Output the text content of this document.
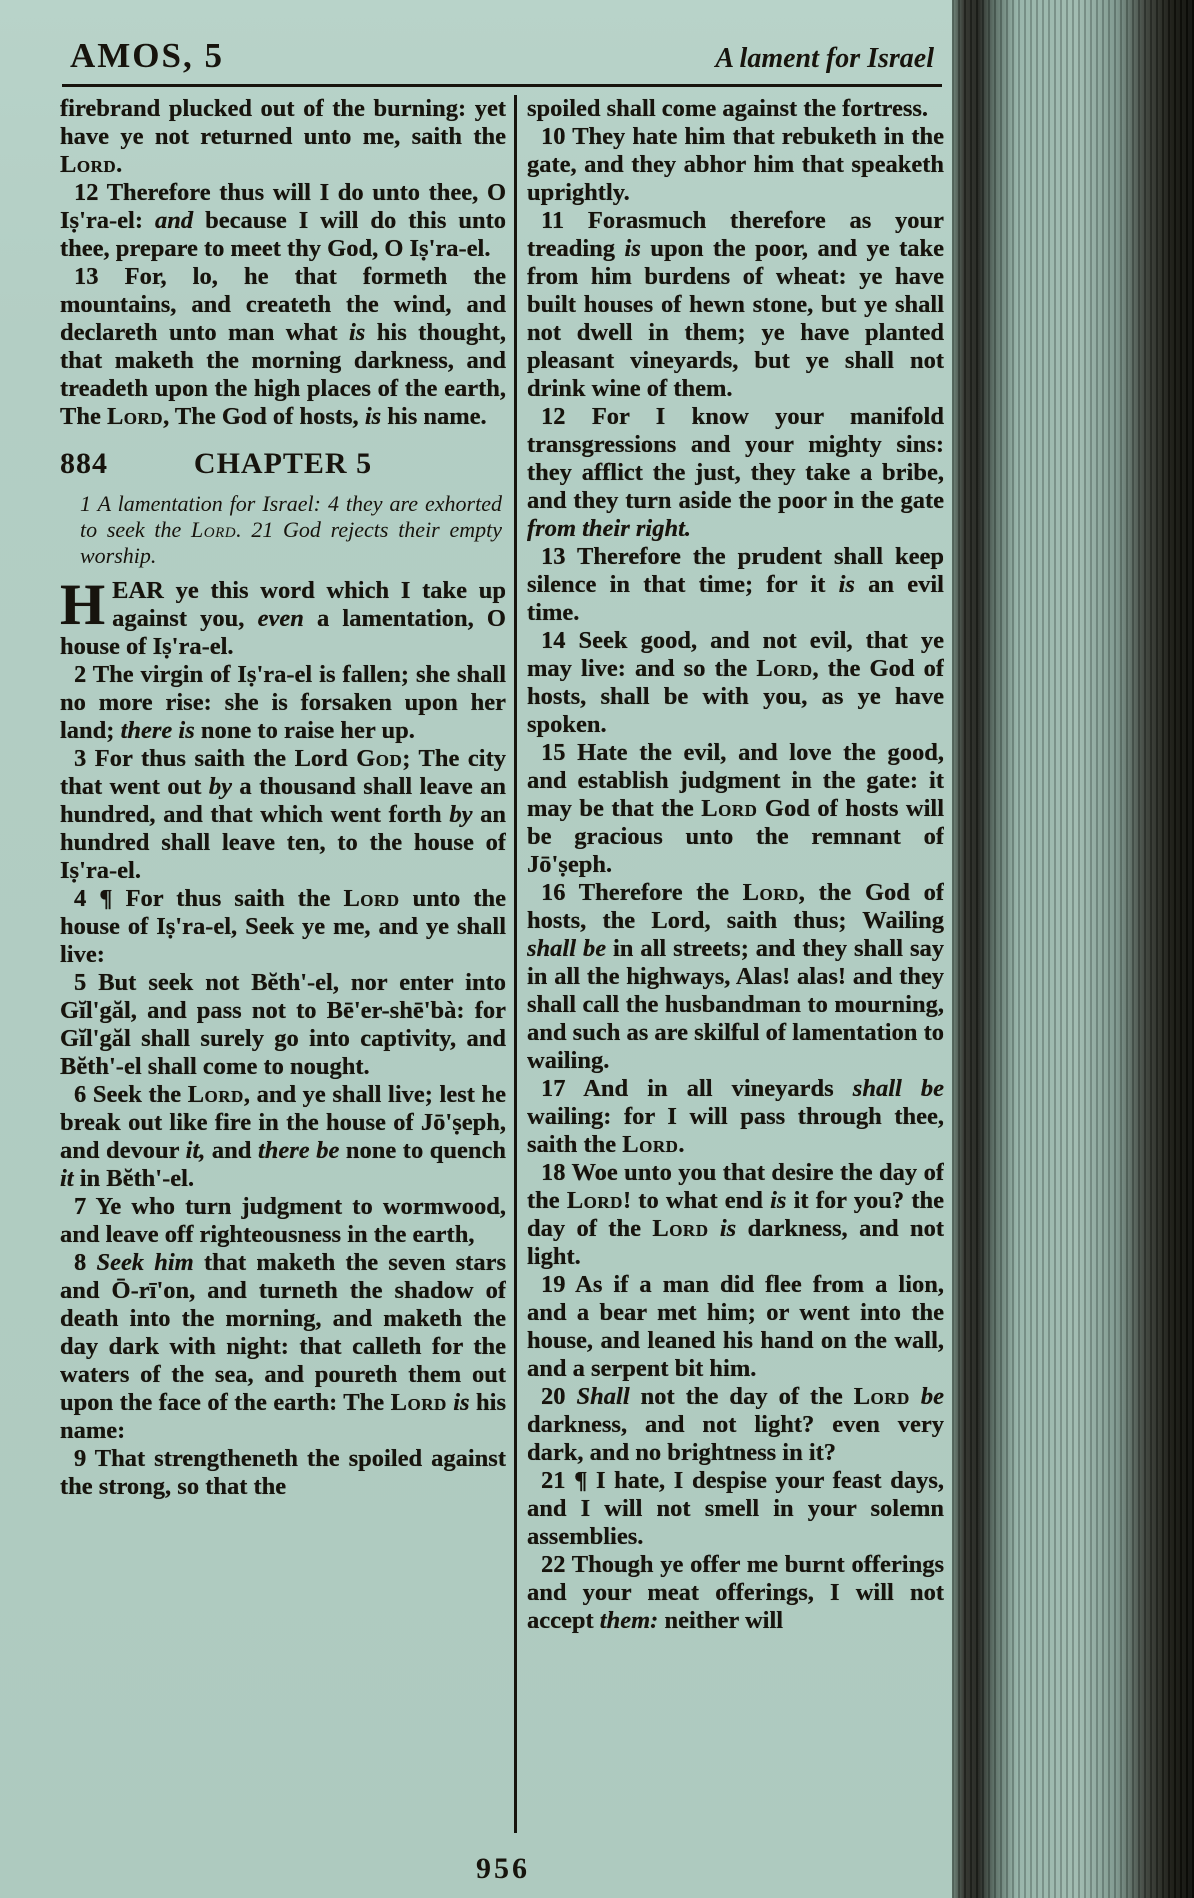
AMOS, 5	A lament for Israel

firebrand plucked out of the burning: yet have ye not returned unto me, saith the Lord.

12 Therefore thus will I do unto thee, O Iṣ'ra-el: and because I will do this unto thee, prepare to meet thy God, O Iṣ'ra-el.

13 For, lo, he that formeth the mountains, and createth the wind, and declareth unto man what is his thought, that maketh the morning darkness, and treadeth upon the high places of the earth, The Lord, The God of hosts, is his name.

884	CHAPTER 5

1 A lamentation for Israel: 4 they are exhorted to seek the Lord. 21 God rejects their empty worship.

HEAR ye this word which I take up against you, even a lamentation, O house of Iṣ'ra-el.

2 The virgin of Iṣ'ra-el is fallen; she shall no more rise: she is forsaken upon her land; there is none to raise her up.

3 For thus saith the Lord God; The city that went out by a thousand shall leave an hundred, and that which went forth by an hundred shall leave ten, to the house of Iṣ'ra-el.

4 ¶ For thus saith the Lord unto the house of Iṣ'ra-el, Seek ye me, and ye shall live:

5 But seek not Bĕth'-el, nor enter into Gĭl'găl, and pass not to Bē'er-shē'bà: for Gĭl'găl shall surely go into captivity, and Bĕth'-el shall come to nought.

6 Seek the Lord, and ye shall live; lest he break out like fire in the house of Jō'ṣeph, and devour it, and there be none to quench it in Bĕth'-el.

7 Ye who turn judgment to wormwood, and leave off righteousness in the earth,

8 Seek him that maketh the seven stars and Ō-rī'on, and turneth the shadow of death into the morning, and maketh the day dark with night: that calleth for the waters of the sea, and poureth them out upon the face of the earth: The Lord is his name:

9 That strengtheneth the spoiled against the strong, so that the

spoiled shall come against the fortress.

10 They hate him that rebuketh in the gate, and they abhor him that speaketh uprightly.

11 Forasmuch therefore as your treading is upon the poor, and ye take from him burdens of wheat: ye have built houses of hewn stone, but ye shall not dwell in them; ye have planted pleasant vineyards, but ye shall not drink wine of them.

12 For I know your manifold transgressions and your mighty sins: they afflict the just, they take a bribe, and they turn aside the poor in the gate from their right.

13 Therefore the prudent shall keep silence in that time; for it is an evil time.

14 Seek good, and not evil, that ye may live: and so the Lord, the God of hosts, shall be with you, as ye have spoken.

15 Hate the evil, and love the good, and establish judgment in the gate: it may be that the Lord God of hosts will be gracious unto the remnant of Jō'ṣeph.

16 Therefore the Lord, the God of hosts, the Lord, saith thus; Wailing shall be in all streets; and they shall say in all the highways, Alas! alas! and they shall call the husbandman to mourning, and such as are skilful of lamentation to wailing.

17 And in all vineyards shall be wailing: for I will pass through thee, saith the Lord.

18 Woe unto you that desire the day of the Lord! to what end is it for you? the day of the Lord is darkness, and not light.

19 As if a man did flee from a lion, and a bear met him; or went into the house, and leaned his hand on the wall, and a serpent bit him.

20 Shall not the day of the Lord be darkness, and not light? even very dark, and no brightness in it?

21 ¶ I hate, I despise your feast days, and I will not smell in your solemn assemblies.

22 Though ye offer me burnt offerings and your meat offerings, I will not accept them: neither will

956
